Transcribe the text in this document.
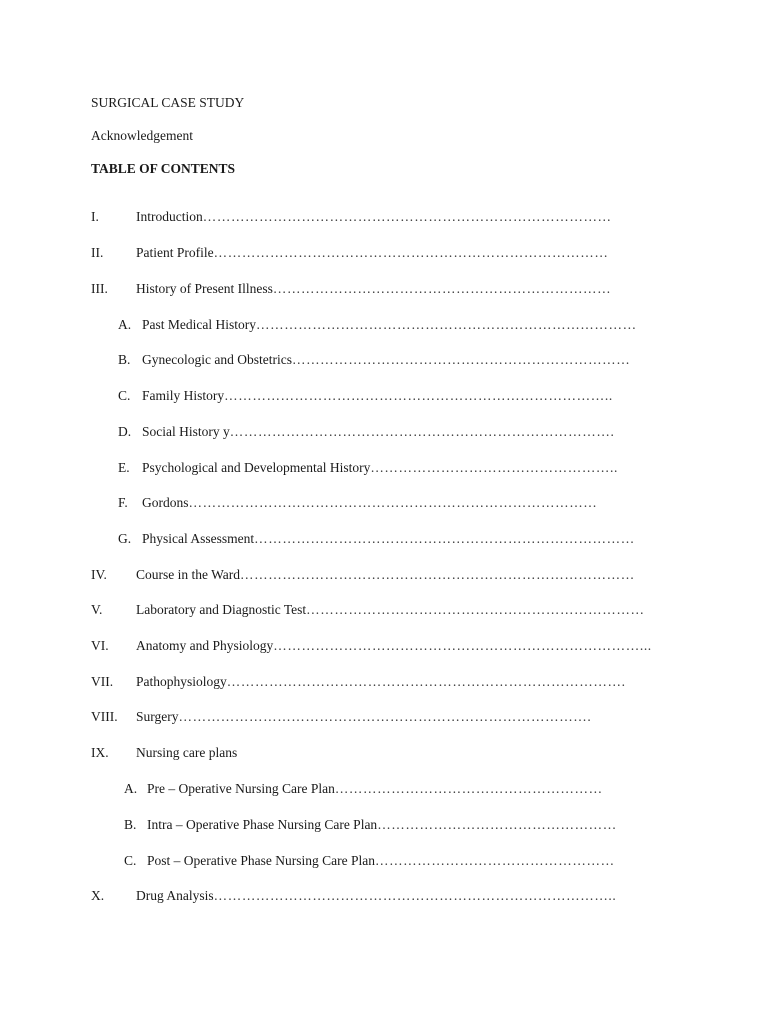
SURGICAL CASE STUDY
Acknowledgement
TABLE OF CONTENTS
I.	Introduction……………………………………………………………………………
II. Patient Profile…………………………………………………………………………
III. History of Present Illness………………………………………………………………
A. Past Medical History………………………………………………………………………
B. Gynecologic and Obstetrics………………………………………………………………
C. Family History………………………………………………………………………..
D. Social History y……………………………………………………………………….
E. Psychological and Developmental History……………………………………………..
F. Gordons……………………………………………………………………………
G. Physical Assessment………………………………………………………………………
IV. Course in the Ward…………………………………………………………………………
V. Laboratory and Diagnostic Test………………………………………………………………
VI. Anatomy and Physiology……………………………………………………………………...
VII. Pathophysiology………………………………………………………………………….
VIII. Surgery…………………………………………………………………………….
IX. Nursing care plans
A. Pre – Operative Nursing Care Plan…………………………………………………
B. Intra – Operative Phase Nursing Care Plan……………………………………………
C. Post – Operative Phase Nursing Care Plan……………………………………………
X. Drug Analysis…………………………………………………………………………..
